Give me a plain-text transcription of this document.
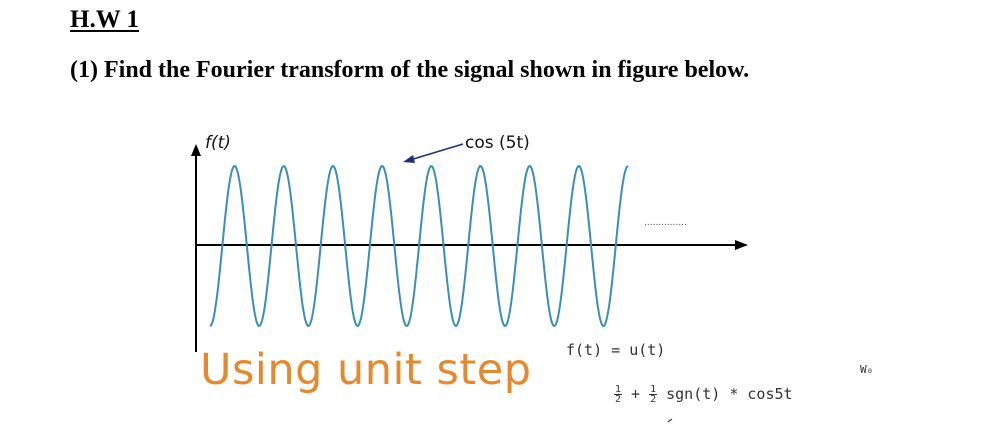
H.W 1
(1) Find the Fourier transform of the signal shown in figure below.
...............
f(t)	cos (5t)
Using unit step f(t) = u(t)
W₀
$\frac{1}{2} + \frac{1}{2} sgn(t) * \cos 5t$
